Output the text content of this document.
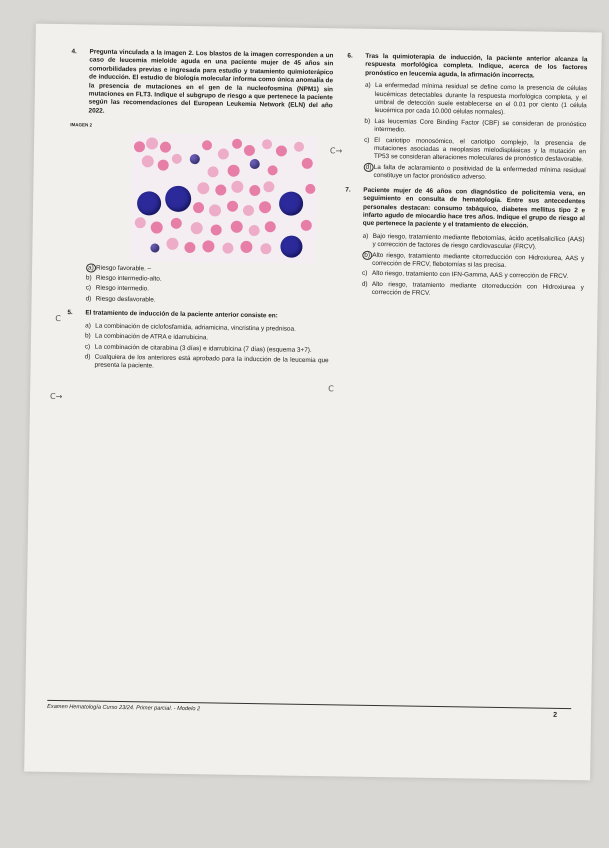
4.	Pregunta vinculada a la imagen 2. Los blastos de la imagen corresponden a un caso de leucemia mieloide aguda en una paciente mujer de 45 años sin comorbilidades previas e ingresada para estudio y tratamiento quimioterápico de inducción. El estudio de biología molecular informa como única anomalía de la presencia de mutaciones en el gen de la nucleofosmina (NPM1) sin mutaciones en FLT3. Indique el subgrupo de riesgo a que pertenece la paciente según las recomendaciones del European Leukemia Network (ELN) del año 2022.
IMAGEN 2
a) Riesgo favorable. –
b) Riesgo intermedio-alto.
c) Riesgo intermedio.
d) Riesgo desfavorable.
5.	El tratamiento de inducción de la paciente anterior consiste en:
a) La combinación de ciclofosfamida, adriamicina, vincristina y prednisoa.
b) La combinación de ATRA e idarrubicina.
c) La combinación de citarabina (3 días) e idarrubicina (7 días) (esquema 3+7).
d) Cualquiera de los anteriores está aprobado para la inducción de la leucemia que presenta la paciente.
C
C→
C→
C
6.	Tras la quimioterapia de inducción, la paciente anterior alcanza la respuesta morfológica completa. Indique, acerca de los factores pronóstico en leucemia aguda, la afirmación incorrecta.
a) La enfermedad mínima residual se define como la presencia de células leucémicas detectables durante la respuesta morfológica completa, y el umbral de detección suele establecerse en el 0.01 por ciento (1 célula leucémica por cada 10.000 células normales).
b) Las leucemias Core Binding Factor (CBF) se consideran de pronóstico intermedio.
c) El cariotipo monosómico, el cariotipo complejo, la presencia de mutaciones asociadas a neoplasias mielodisplásicas y la mutación en TP53 se consideran alteraciones moleculares de pronóstico desfavorable.
d) La falta de aclaramiento o positividad de la enfermedad mínima residual constituye un factor pronóstico adverso.
7.	Paciente mujer de 46 años con diagnóstico de policitemia vera, en seguimiento en consulta de hematología. Entre sus antecedentes personales destacan: consumo tabáquico, diabetes mellitus tipo 2 e infarto agudo de miocardio hace tres años. Indique el grupo de riesgo al que pertenece la paciente y el tratamiento de elección.
a) Bajo riesgo, tratamiento mediante flebotomías, ácido acetilsalicílico (AAS) y corrección de factores de riesgo cardiovascular (FRCV).
b) Alto riesgo, tratamiento mediante citorreducción con Hidroxiurea, AAS y corrección de FRCV, flebotomías si las precisa.
c) Alto riesgo, tratamiento con IFN-Gamma, AAS y corrección de FRCV.
d) Alto riesgo, tratamiento mediante citorreducción con Hidroxiurea y corrección de FRCV.
Examen Hematología Curso 23/24. Primer parcial. - Modelo 2
2
